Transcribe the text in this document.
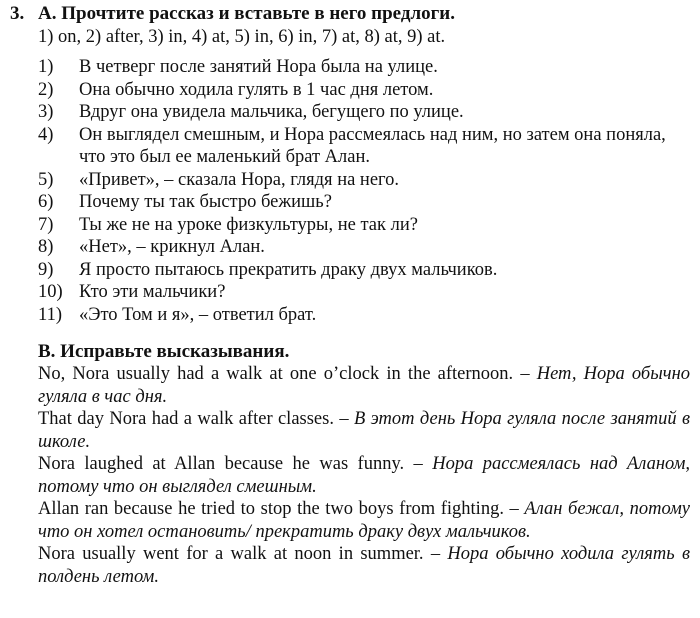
3. A. Прочтите рассказ и вставьте в него предлоги.
1) on, 2) after, 3) in, 4) at, 5) in, 6) in, 7) at, 8) at, 9) at.
1) В четверг после занятий Нора была на улице.
2) Она обычно ходила гулять в 1 час дня летом.
3) Вдруг она увидела мальчика, бегущего по улице.
4) Он выглядел смешным, и Нора рассмеялась над ним, но затем она поняла, что это был ее маленький брат Алан.
5) «Привет», – сказала Нора, глядя на него.
6) Почему ты так быстро бежишь?
7) Ты же не на уроке физкультуры, не так ли?
8) «Нет», – крикнул Алан.
9) Я просто пытаюсь прекратить драку двух мальчиков.
10) Кто эти мальчики?
11) «Это Том и я», – ответил брат.
B. Исправьте высказывания.

No, Nora usually had a walk at one o’clock in the afternoon. – Нет, Нора обычно гуляла в час дня.

That day Nora had a walk after classes. – В этот день Нора гуляла после занятий в школе.

Nora laughed at Allan because he was funny. – Нора рассмеялась над Аланом, потому что он выглядел смешным.

Allan ran because he tried to stop the two boys from fighting. – Алан бежал, потому что он хотел остановить/ прекратить драку двух мальчиков.

Nora usually went for a walk at noon in summer. – Нора обычно ходила гулять в полдень летом.
